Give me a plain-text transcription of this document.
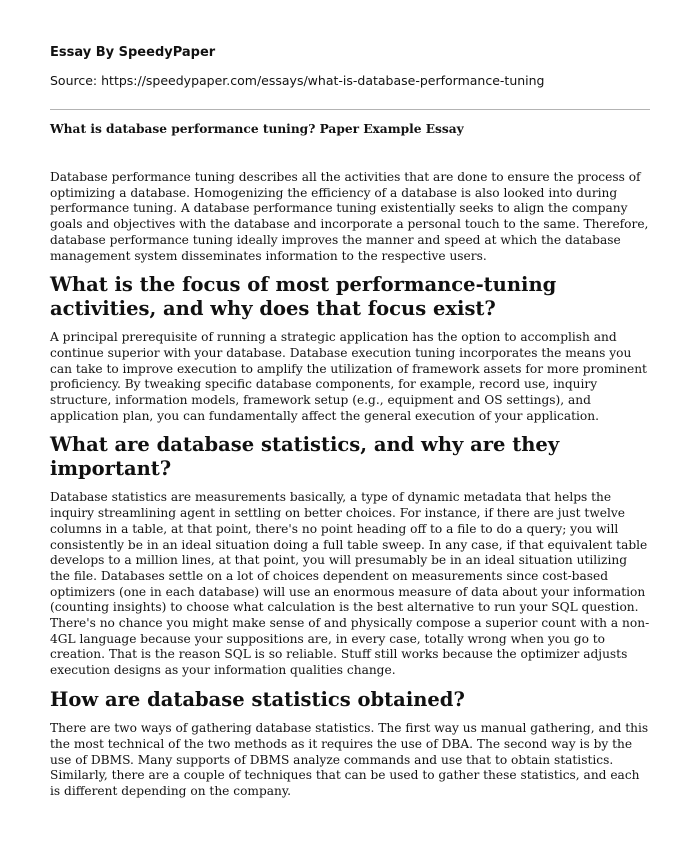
Essay By SpeedyPaper
Source: https://speedypaper.com/essays/what-is-database-performance-tuning
What is database performance tuning? Paper Example Essay

Database performance tuning describes all the activities that are done to ensure the process of optimizing a database. Homogenizing the efficiency of a database is also looked into during performance tuning. A database performance tuning existentially seeks to align the company goals and objectives with the database and incorporate a personal touch to the same. Therefore, database performance tuning ideally improves the manner and speed at which the database management system disseminates information to the respective users.

What is the focus of most performance-tuning activities, and why does that focus exist?

A principal prerequisite of running a strategic application has the option to accomplish and continue superior with your database. Database execution tuning incorporates the means you can take to improve execution to amplify the utilization of framework assets for more prominent proficiency. By tweaking specific database components, for example, record use, inquiry structure, information models, framework setup (e.g., equipment and OS settings), and application plan, you can fundamentally affect the general execution of your application.

What are database statistics, and why are they important?

Database statistics are measurements basically, a type of dynamic metadata that helps the inquiry streamlining agent in settling on better choices. For instance, if there are just twelve columns in a table, at that point, there's no point heading off to a file to do a query; you will consistently be in an ideal situation doing a full table sweep. In any case, if that equivalent table develops to a million lines, at that point, you will presumably be in an ideal situation utilizing the file. Databases settle on a lot of choices dependent on measurements since cost-based optimizers (one in each database) will use an enormous measure of data about your information (counting insights) to choose what calculation is the best alternative to run your SQL question. There's no chance you might make sense of and physically compose a superior count with a non-4GL language because your suppositions are, in every case, totally wrong when you go to creation. That is the reason SQL is so reliable. Stuff still works because the optimizer adjusts execution designs as your information qualities change.

How are database statistics obtained?

There are two ways of gathering database statistics. The first way us manual gathering, and this the most technical of the two methods as it requires the use of DBA. The second way is by the use of DBMS. Many supports of DBMS analyze commands and use that to obtain statistics. Similarly, there are a couple of techniques that can be used to gather these statistics, and each is different depending on the company.
